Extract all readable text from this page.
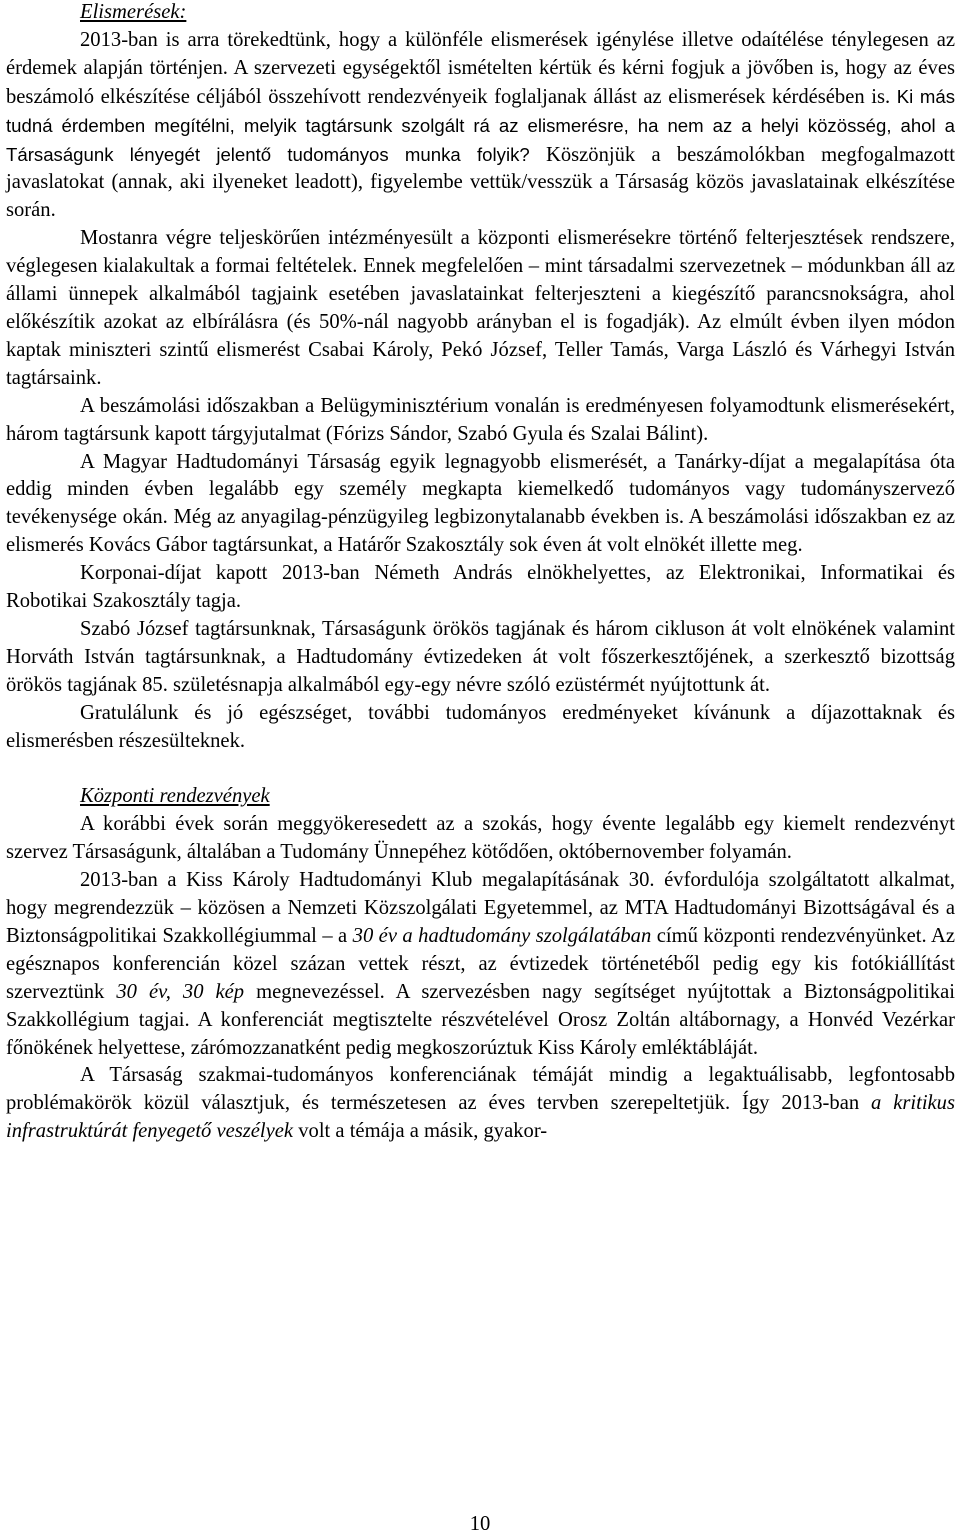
Elismerések:

2013-ban is arra törekedtünk, hogy a különféle elismerések igénylése illetve odaítélése ténylegesen az érdemek alapján történjen. A szervezeti egységektől ismételten kértük és kérni fogjuk a jövőben is, hogy az éves beszámoló elkészítése céljából összehívott rendezvényeik foglaljanak állást az elismerések kérdésében is. Ki más tudná érdemben megítélni, melyik tagtársunk szolgált rá az elismerésre, ha nem az a helyi közösség, ahol a Társaságunk lényegét jelentő tudományos munka folyik? Köszönjük a beszámolókban megfogalmazott javaslatokat (annak, aki ilyeneket leadott), figyelembe vettük/vesszük a Társaság közös javaslatainak elkészítése során.

Mostanra végre teljeskörűen intézményesült a központi elismerésekre történő felterjesztések rendszere, véglegesen kialakultak a formai feltételek. Ennek megfelelően – mint társadalmi szervezetnek – módunkban áll az állami ünnepek alkalmából tagjaink esetében javaslatainkat felterjeszteni a kiegészítő parancsnokságra, ahol előkészítik azokat az elbírálásra (és 50%-nál nagyobb arányban el is fogadják). Az elmúlt évben ilyen módon kaptak miniszteri szintű elismerést Csabai Károly, Pekó József, Teller Tamás, Varga László és Várhegyi István tagtársaink.

A beszámolási időszakban a Belügyminisztérium vonalán is eredményesen folyamodtunk elismerésekért, három tagtársunk kapott tárgyjutalmat (Fórizs Sándor, Szabó Gyula és Szalai Bálint).

A Magyar Hadtudományi Társaság egyik legnagyobb elismerését, a Tanárky-díjat a megalapítása óta eddig minden évben legalább egy személy megkapta kiemelkedő tudományos vagy tudományszervező tevékenysége okán. Még az anyagilag-pénzügyileg legbizonytalanabb években is. A beszámolási időszakban ez az elismerés Kovács Gábor tagtársunkat, a Határőr Szakosztály sok éven át volt elnökét illette meg.

Korponai-díjat kapott 2013-ban Németh András elnökhelyettes, az Elektronikai, Informatikai és Robotikai Szakosztály tagja.

Szabó József tagtársunknak, Társaságunk örökös tagjának és három cikluson át volt elnökének valamint Horváth István tagtársunknak, a Hadtudomány évtizedeken át volt főszerkesztőjének, a szerkesztő bizottság örökös tagjának 85. születésnapja alkalmából egy-egy névre szóló ezüstérmét nyújtottunk át.

Gratulálunk és jó egészséget, további tudományos eredményeket kívánunk a díjazottaknak és elismerésben részesülteknek.

Központi rendezvények

A korábbi évek során meggyökeresedett az a szokás, hogy évente legalább egy kiemelt rendezvényt szervez Társaságunk, általában a Tudomány Ünnepéhez kötődően, októbernovember folyamán.

2013-ban a Kiss Károly Hadtudományi Klub megalapításának 30. évfordulója szolgáltatott alkalmat, hogy megrendezzük – közösen a Nemzeti Közszolgálati Egyetemmel, az MTA Hadtudományi Bizottságával és a Biztonságpolitikai Szakkollégiummal – a 30 év a hadtudomány szolgálatában című központi rendezvényünket. Az egésznapos konferencián közel százan vettek részt, az évtizedek történetéből pedig egy kis fotókiállítást szerveztünk 30 év, 30 kép megnevezéssel. A szervezésben nagy segítséget nyújtottak a Biztonságpolitikai Szakkollégium tagjai. A konferenciát megtisztelte részvételével Orosz Zoltán altábornagy, a Honvéd Vezérkar főnökének helyettese, zárómozzanatként pedig megkoszorúztuk Kiss Károly emléktábláját.

A Társaság szakmai-tudományos konferenciának témáját mindig a legaktuálisabb, legfontosabb problémakörök közül választjuk, és természetesen az éves tervben szerepeltetjük. Így 2013-ban a kritikus infrastruktúrát fenyegető veszélyek volt a témája a másik, gyakor-

10
